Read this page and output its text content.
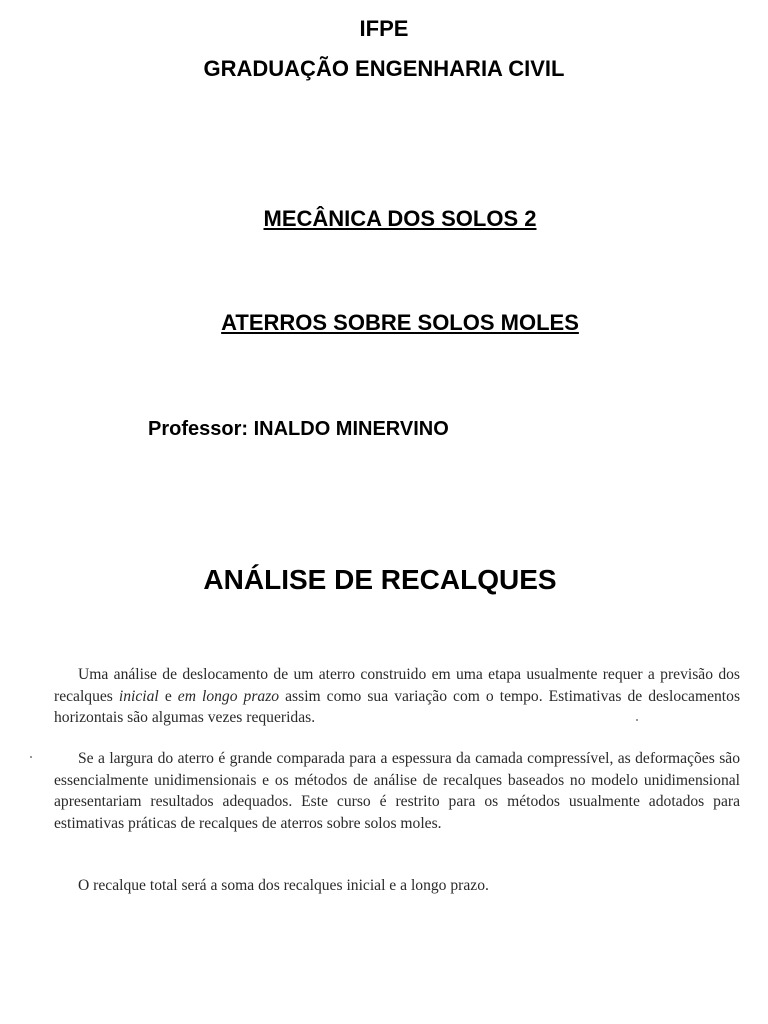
IFPE

GRADUAÇÃO ENGENHARIA CIVIL

MECÂNICA DOS SOLOS 2

ATERROS SOBRE SOLOS MOLES

Professor: INALDO MINERVINO

ANÁLISE DE RECALQUES

Uma análise de deslocamento de um aterro construido em uma etapa usualmente requer a previsão dos recalques inicial e em longo prazo assim como sua variação com o tempo. Estimativas de deslocamentos horizontais são algumas vezes requeridas.

Se a largura do aterro é grande comparada para a espessura da camada compressível, as deformações são essencialmente unidimensionais e os métodos de análise de recalques baseados no modelo unidimensional apresentariam resultados adequados. Este curso é restrito para os métodos usualmente adotados para estimativas práticas de recalques de aterros sobre solos moles.

O recalque total será a soma dos recalques inicial e a longo prazo.
